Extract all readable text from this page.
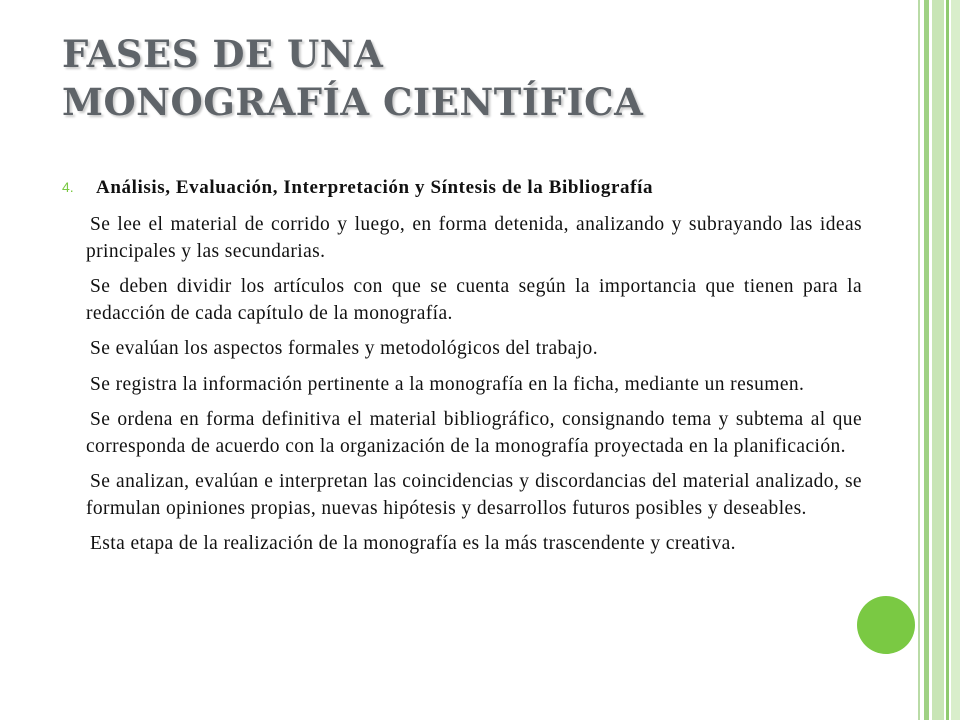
FASES DE UNA
MONOGRAFÍA CIENTÍFICA
4. Análisis, Evaluación, Interpretación y Síntesis de la Bibliografía

Se lee el material de corrido y luego, en forma detenida, analizando y subrayando las ideas principales y las secundarias.

Se deben dividir los artículos con que se cuenta según la importancia que tienen para la redacción de cada capítulo de la monografía.

Se evalúan los aspectos formales y metodológicos del trabajo.

Se registra la información pertinente a la monografía en la ficha, mediante un resumen.

Se ordena en forma definitiva el material bibliográfico, consignando tema y subtema al que corresponda de acuerdo con la organización de la monografía proyectada en la planificación.

Se analizan, evalúan e interpretan las coincidencias y discordancias del material analizado, se formulan opiniones propias, nuevas hipótesis y desarrollos futuros posibles y deseables.

Esta etapa de la realización de la monografía es la más trascendente y creativa.
